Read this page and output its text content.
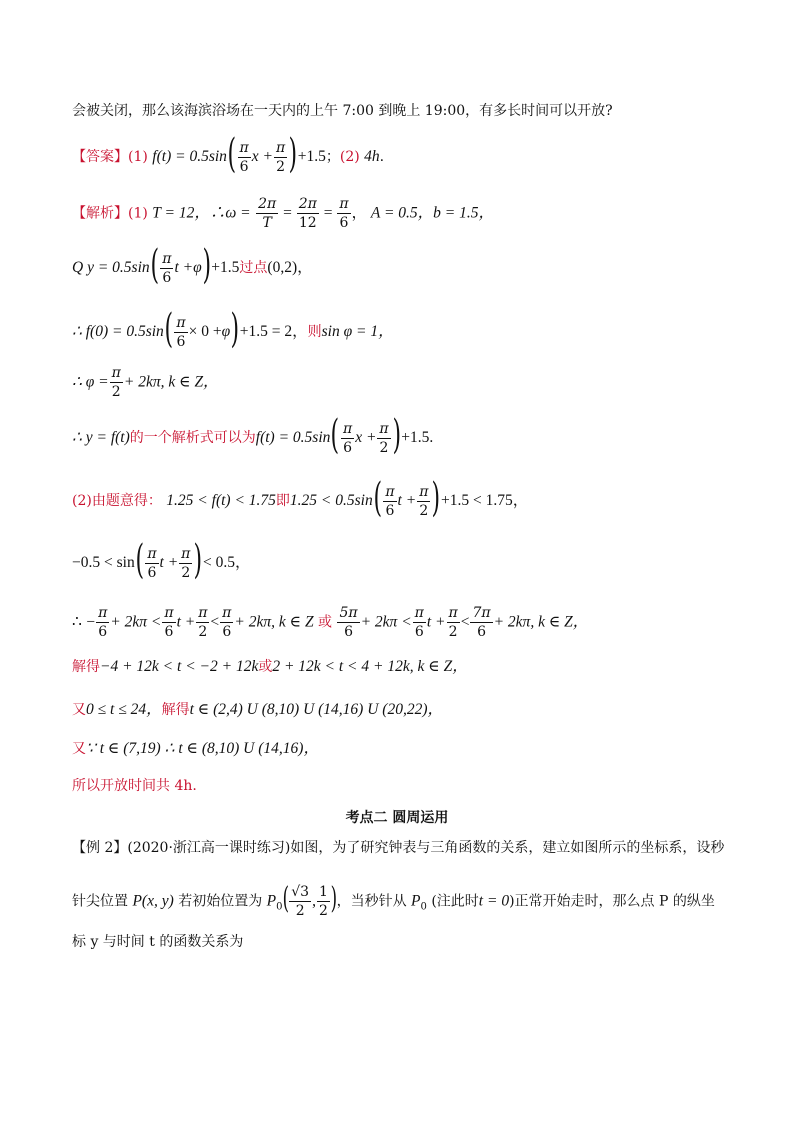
会被关闭，那么该海滨浴场在一天内的上午 7:00 到晚上 19:00，有多长时间可以开放?
【答案】(1) $f(t) = 0.5\sin( \frac{\pi}{6}$ $x + \frac{\pi}{2} )+1.5$；(2) 4h.
【解析】(1) T = 12，∴ω = $\frac{2\pi}{T} = \frac{2\pi}{12} = \frac{\pi}{6}$ ， A = 0.5，b = 1.5，
Q $y = 0.5\sin( \frac{\pi}{6}$ t +φ)+1.5过点(0,2)，
∴ $f(0) = 0.5\sin( \frac{\pi}{6} \times 0 +\varphi)+1.5 = 2$，则sin φ = 1，
∴ $\varphi = \frac{\pi}{2} + 2k\pi$, k ∈ Z，
∴ y = f(t)的一个解析式可以为$f(t) = 0.5\sin( \frac{\pi}{6}$ $x + \frac{\pi}{2} )+1.5$.
(2)由题意得： 1.25 < f(t) < 1.75即$1.25 < 0.5\sin( \frac{\pi}{6}$ $t + \frac{\pi}{2} )+1.5 < 1.75$，
$-0.5 < \sin( \frac{\pi}{6}$ $t + \frac{\pi}{2}$ )< 0.5，
∴ − $\frac{\pi}{6} + 2k\pi < \frac{\pi}{6}$ $t + \frac{\pi}{2} < \frac{\pi}{6} + 2k\pi$, k ∈ Z 或 $\frac{5\pi}{6} + 2k\pi < \frac{\pi}{6}$ $t + \frac{\pi}{2} < \frac{7\pi}{6} + 2k\pi$, k ∈ Z，
解得−4 + 12k < t < −2 + 12k或2 + 12k < t < 4 + 12k, k ∈ Z，
又0 ≤ t ≤ 24，解得t ∈ (2,4) U (8,10) U (14,16) U (20,22)，
又∵ t ∈ (7,19) ∴ t ∈ (8,10) U (14,16)，
所以开放时间共 4h.
考点二 圆周运用
【例 2】(2020·浙江高一课时练习)如图，为了研究钟表与三角函数的关系，建立如图所示的坐标系，设秒
针尖位置 P(x, y) 若初始位置为 $P_0( \frac{√3}{2}$ , $\frac{1}{2}$ )，当秒针从 $P_0$ (注此时t = 0)正常开始走时，那么点 P 的纵坐
标 y 与时间 t 的函数关系为
